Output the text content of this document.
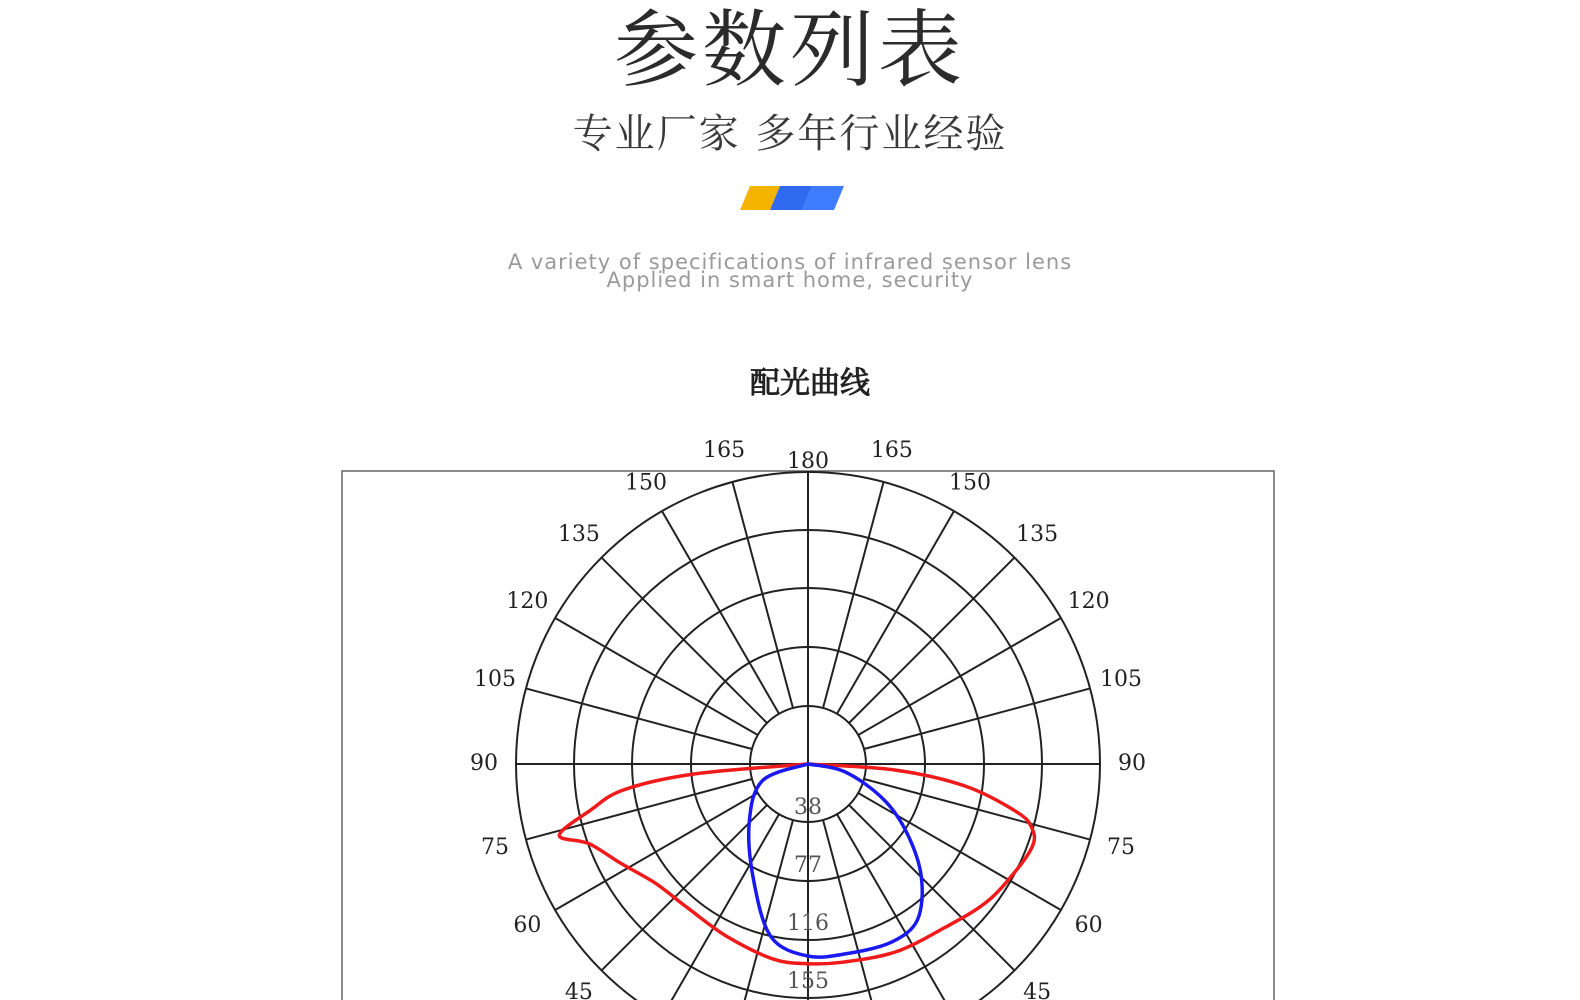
参数列表
专业厂家 多年行业经验
A variety of specifications of infrared sensor lens
Applied in smart home, security
配光曲线
180
165	165
150	150
135	135
120	120
105	105
90	90
75	75
60	60
45	45
38
77
116
155
